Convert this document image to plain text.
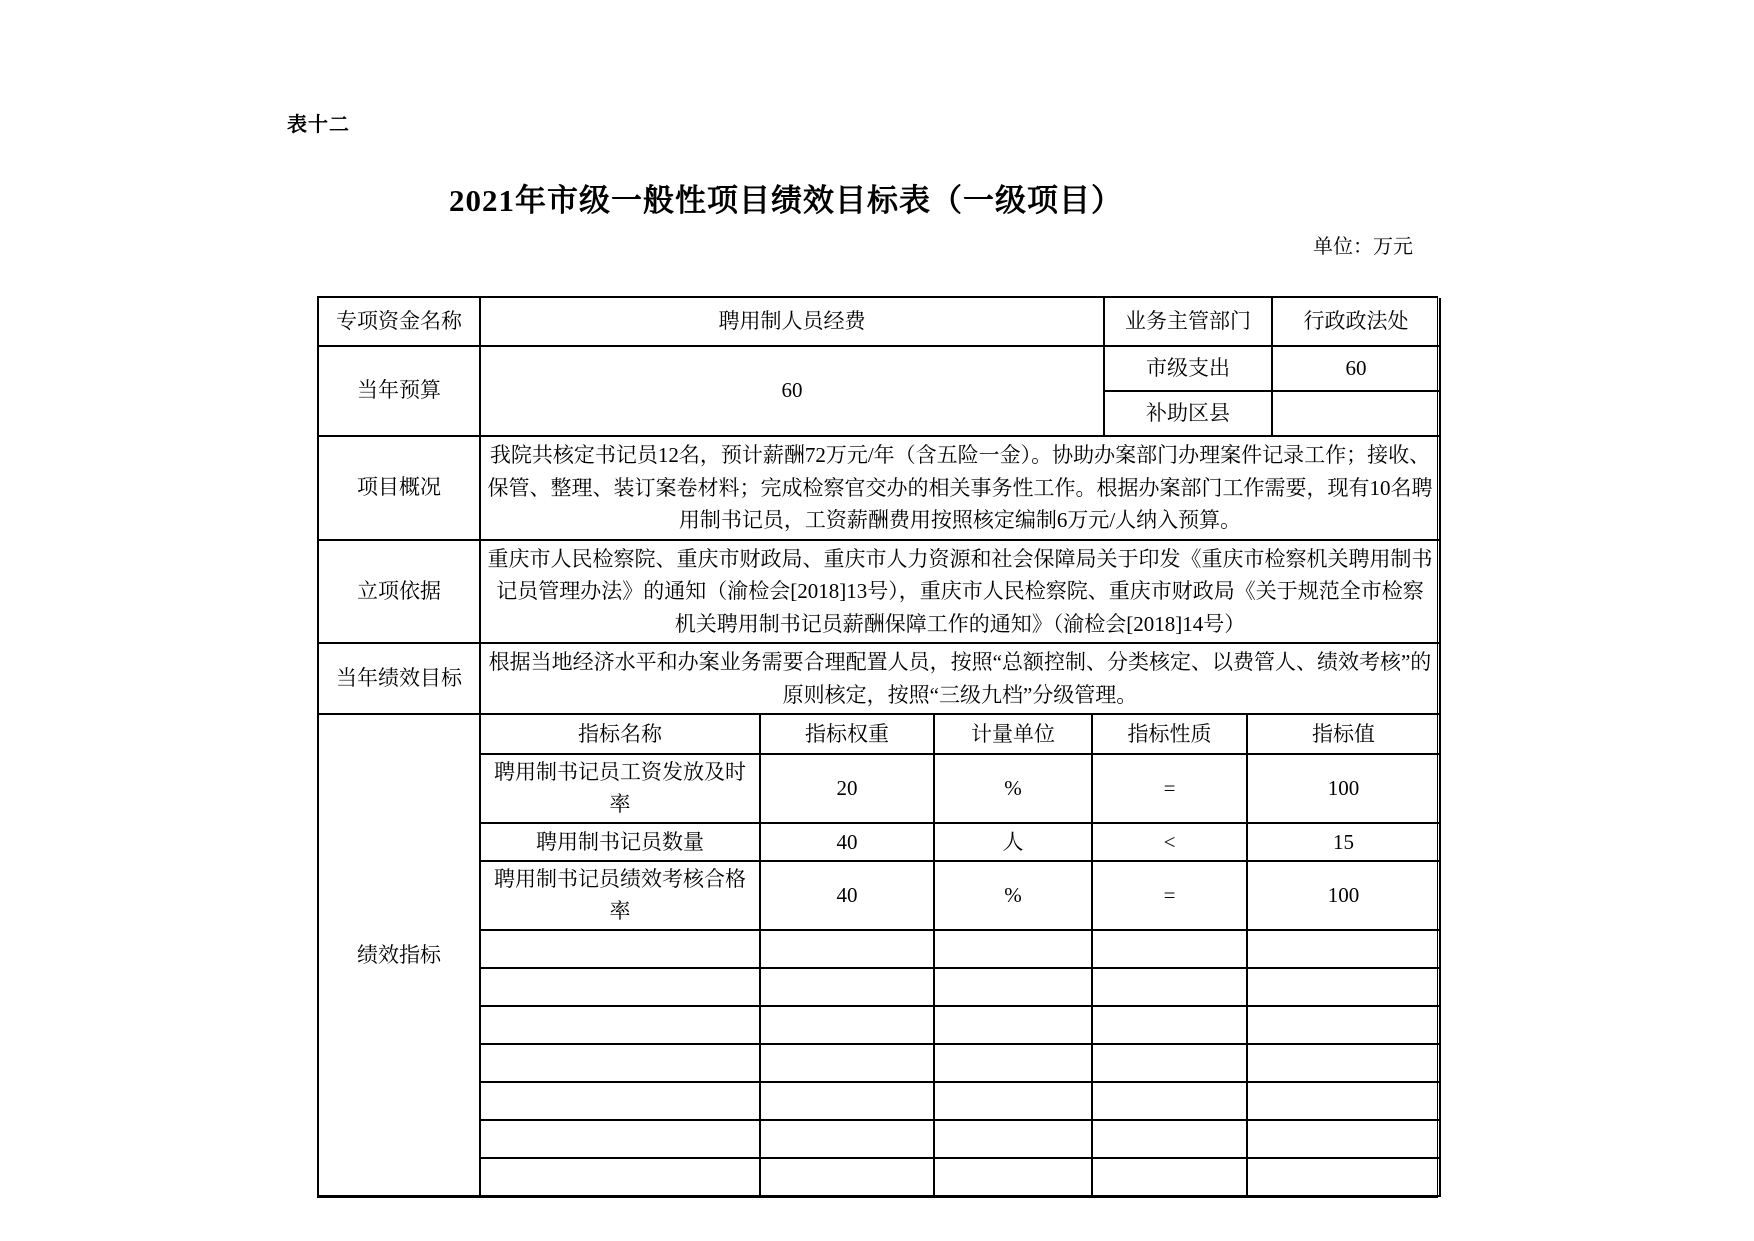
表十二
2021年市级一般性项目绩效目标表（一级项目）
单位：万元
专项资金名称	聘用制人员经费	业务主管部门	行政政法处
当年预算	60	市级支出	60
		补助区县	
项目概况	我院共核定书记员12名，预计薪酬72万元/年（含五险一金）。协助办案部门办理案件记录工作；接收、保管、整理、装订案卷材料；完成检察官交办的相关事务性工作。根据办案部门工作需要，现有10名聘用制书记员，工资薪酬费用按照核定编制6万元/人纳入预算。
立项依据	重庆市人民检察院、重庆市财政局、重庆市人力资源和社会保障局关于印发《重庆市检察机关聘用制书记员管理办法》的通知（渝检会[2018]13号），重庆市人民检察院、重庆市财政局《关于规范全市检察机关聘用制书记员薪酬保障工作的通知》（渝检会[2018]14号）
当年绩效目标	根据当地经济水平和办案业务需要合理配置人员，按照“总额控制、分类核定、以费管人、绩效考核”的原则核定，按照“三级九档”分级管理。
绩效指标	指标名称	指标权重	计量单位	指标性质	指标值
	聘用制书记员工资发放及时率	20	%	=	100
	聘用制书记员数量	40	人	<	15
	聘用制书记员绩效考核合格率	40	%	=	100
